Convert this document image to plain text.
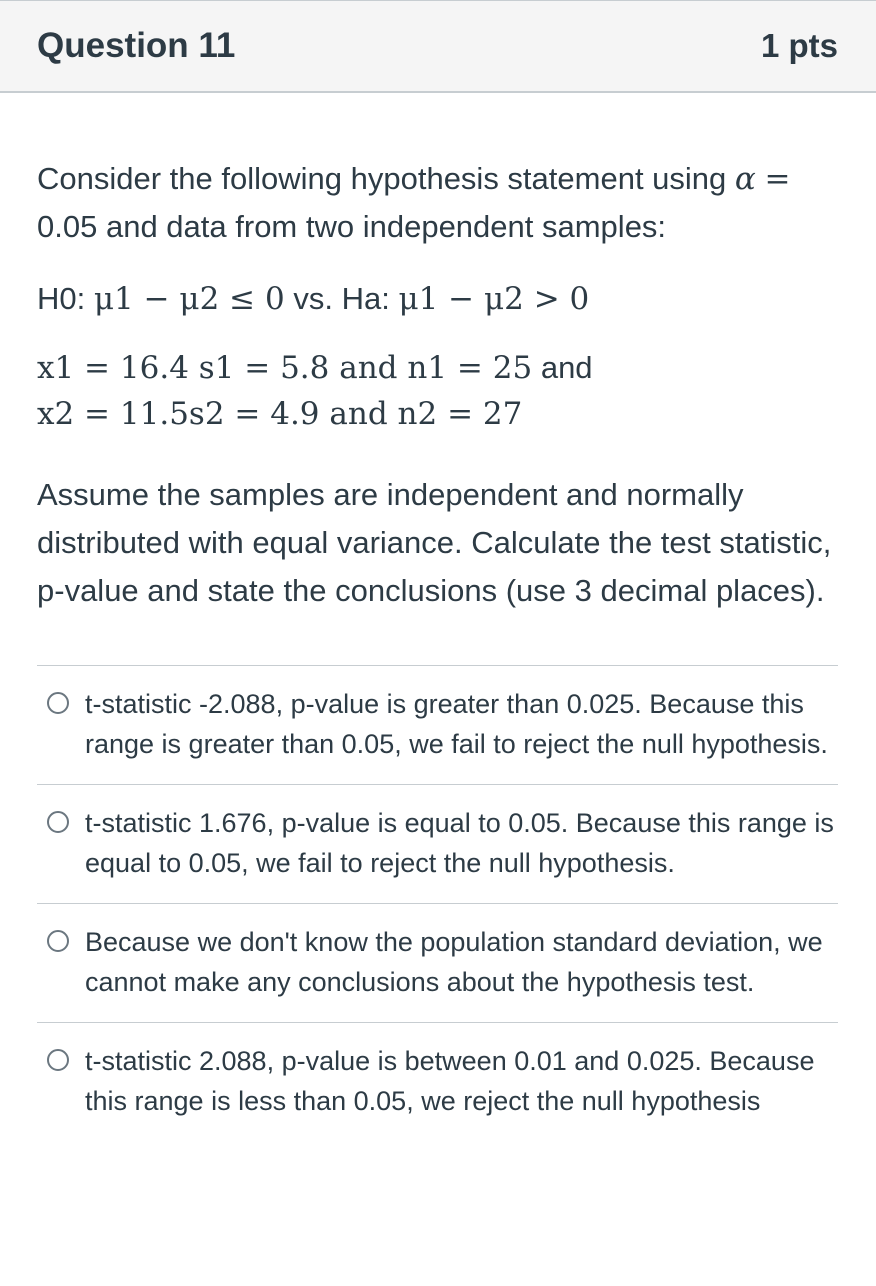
Question 11	1 pts
Consider the following hypothesis statement using α =
0.05 and data from two independent samples:
H0: μ1 − μ2 ≤ 0 vs. Ha: μ1 − μ2 > 0
x1 = 16.4 s1 = 5.8 and n1 = 25 and
x2 = 11.5s2 = 4.9 and n2 = 27
Assume the samples are independent and normally distributed with equal variance. Calculate the test statistic, p-value and state the conclusions (use 3 decimal places).
t-statistic -2.088, p-value is greater than 0.025. Because this range is greater than 0.05, we fail to reject the null hypothesis.
t-statistic 1.676, p-value is equal to 0.05. Because this range is equal to 0.05, we fail to reject the null hypothesis.
Because we don't know the population standard deviation, we cannot make any conclusions about the hypothesis test.
t-statistic 2.088, p-value is between 0.01 and 0.025. Because this range is less than 0.05, we reject the null hypothesis
